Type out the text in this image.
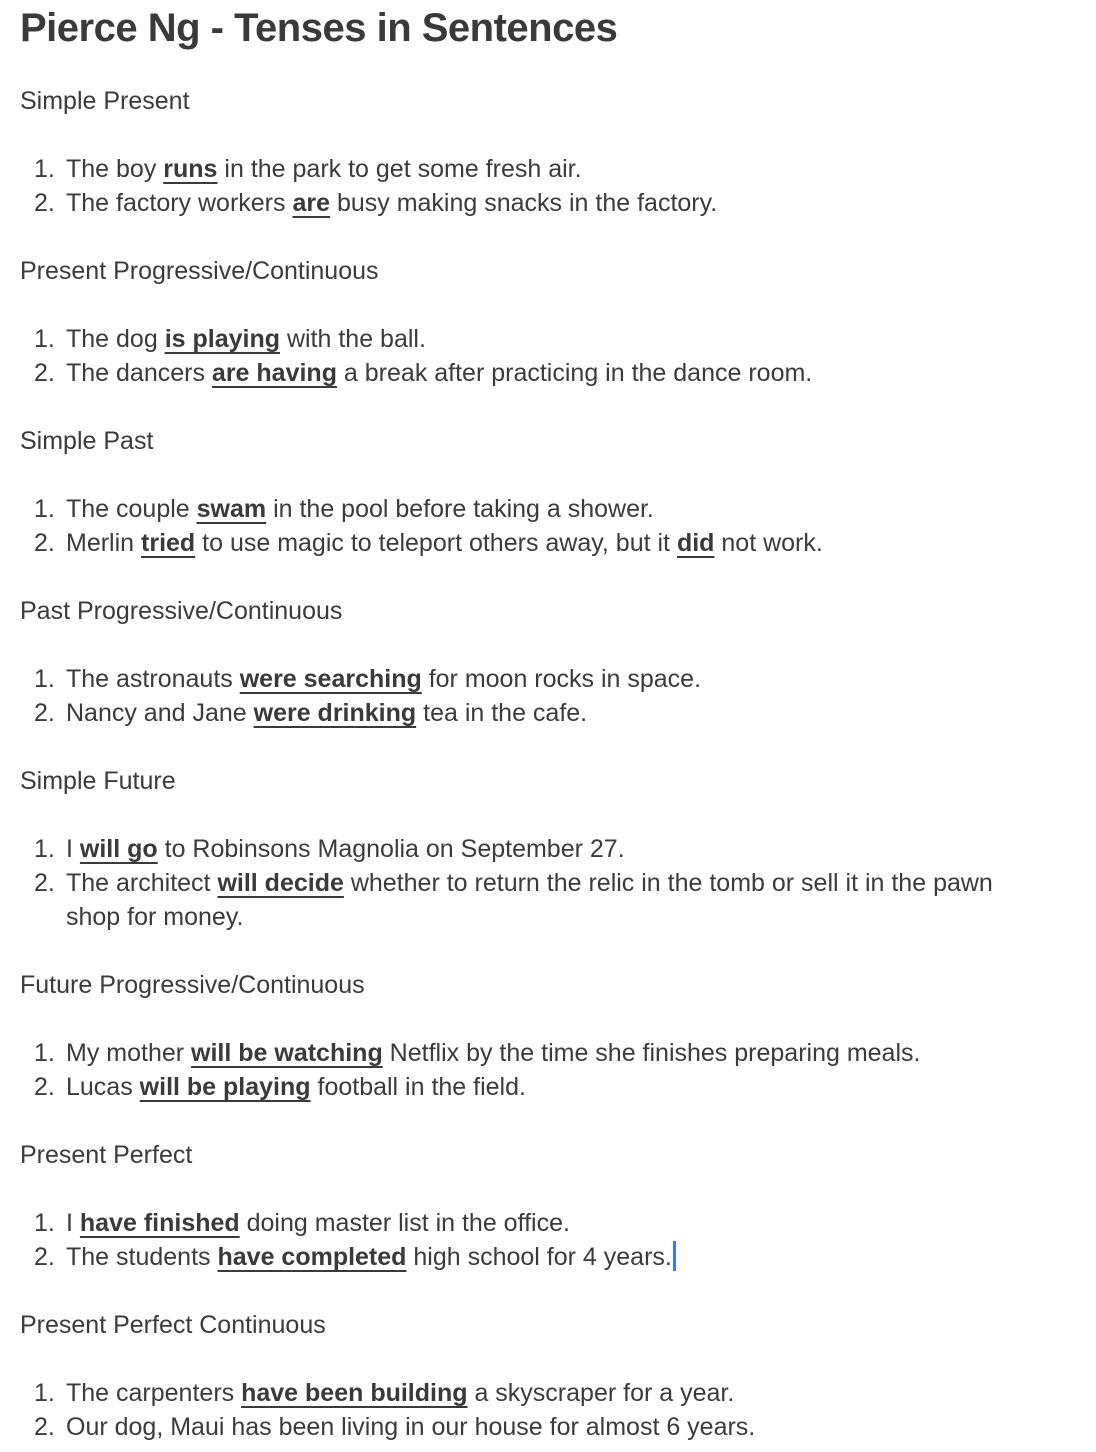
Pierce Ng - Tenses in Sentences
Simple Present
1. The boy runs in the park to get some fresh air.
2. The factory workers are busy making snacks in the factory.
Present Progressive/Continuous
1. The dog is playing with the ball.
2. The dancers are having a break after practicing in the dance room.
Simple Past
1. The couple swam in the pool before taking a shower.
2. Merlin tried to use magic to teleport others away, but it did not work.
Past Progressive/Continuous
1. The astronauts were searching for moon rocks in space.
2. Nancy and Jane were drinking tea in the cafe.
Simple Future
1. I will go to Robinsons Magnolia on September 27.
2. The architect will decide whether to return the relic in the tomb or sell it in the pawn shop for money.
Future Progressive/Continuous
1. My mother will be watching Netflix by the time she finishes preparing meals.
2. Lucas will be playing football in the field.
Present Perfect
1. I have finished doing master list in the office.
2. The students have completed high school for 4 years.
Present Perfect Continuous
1. The carpenters have been building a skyscraper for a year.
2. Our dog, Maui has been living in our house for almost 6 years.
